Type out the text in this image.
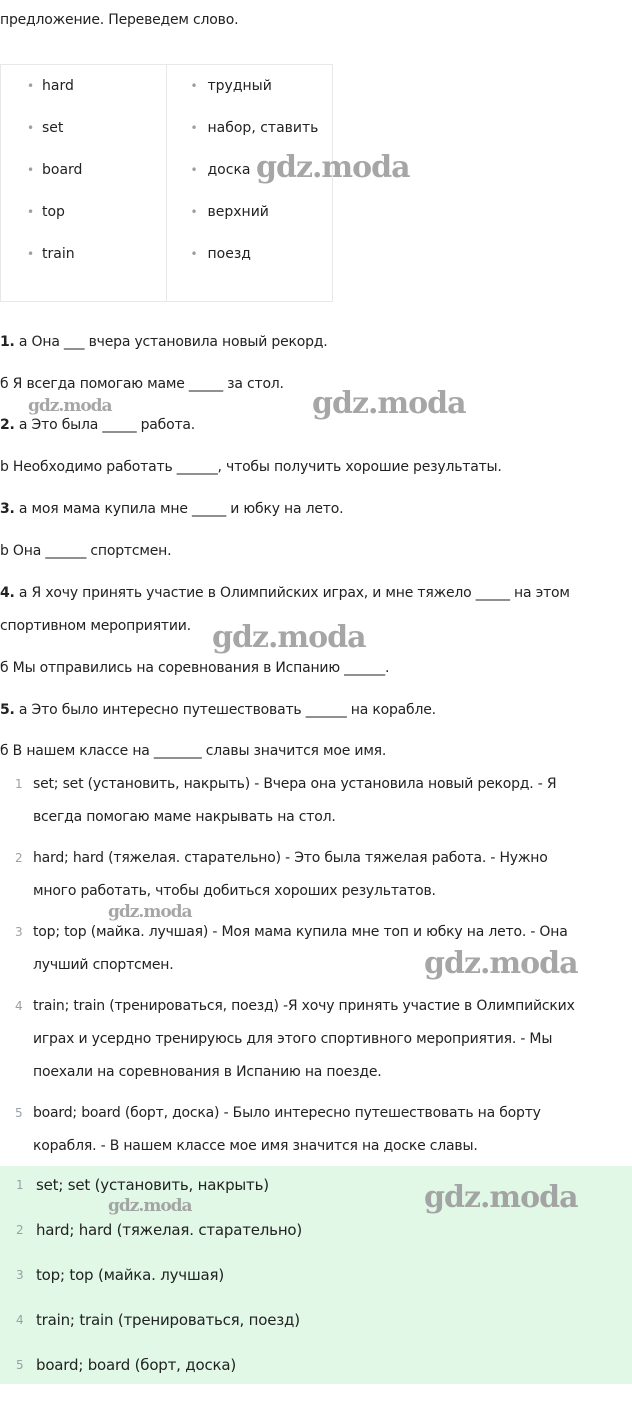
предложение. Переведем слово.

• hard
• set
• board
• top
• train
• трудный
• набор, ставить
• доска
• верхний
• поезд

1. а Она ___ вчера установила новый рекорд.

б Я всегда помогаю маме _____ за стол.

2. а Это была _____ работа.

b Необходимо работать ______, чтобы получить хорошие результаты.

3. а моя мама купила мне _____ и юбку на лето.

b Она ______ спортсмен.

4. а Я хочу принять участие в Олимпийских играх, и мне тяжело _____ на этом

спортивном мероприятии.

б Мы отправились на соревнования в Испанию ______.

5. а Это было интересно путешествовать ______ на корабле.

б В нашем классе на _______ славы значится мое имя.

1 set; set (установить, накрыть) - Вчера она установила новый рекорд. - Я
всегда помогаю маме накрывать на стол.
2 hard; hard (тяжелая. старательно) - Это была тяжелая работа. - Нужно
много работать, чтобы добиться хороших результатов.
3 top; top (майка. лучшая) - Моя мама купила мне топ и юбку на лето. - Она
лучший спортсмен.
4 train; train (тренироваться, поезд) -Я хочу принять участие в Олимпийских
играх и усердно тренируюсь для этого спортивного мероприятия. - Мы
поехали на соревнования в Испанию на поезде.
5 board; board (борт, доска) - Было интересно путешествовать на борту
корабля. - В нашем классе мое имя значится на доске славы.
1 set; set (установить, накрыть)
2 hard; hard (тяжелая. старательно)
3 top; top (майка. лучшая)
4 train; train (тренироваться, поезд)
5 board; board (борт, доска)
gdz.moda
gdz.moda	gdz.moda
gdz.moda
gdz.moda
gdz.moda
gdz.moda
gdz.moda
